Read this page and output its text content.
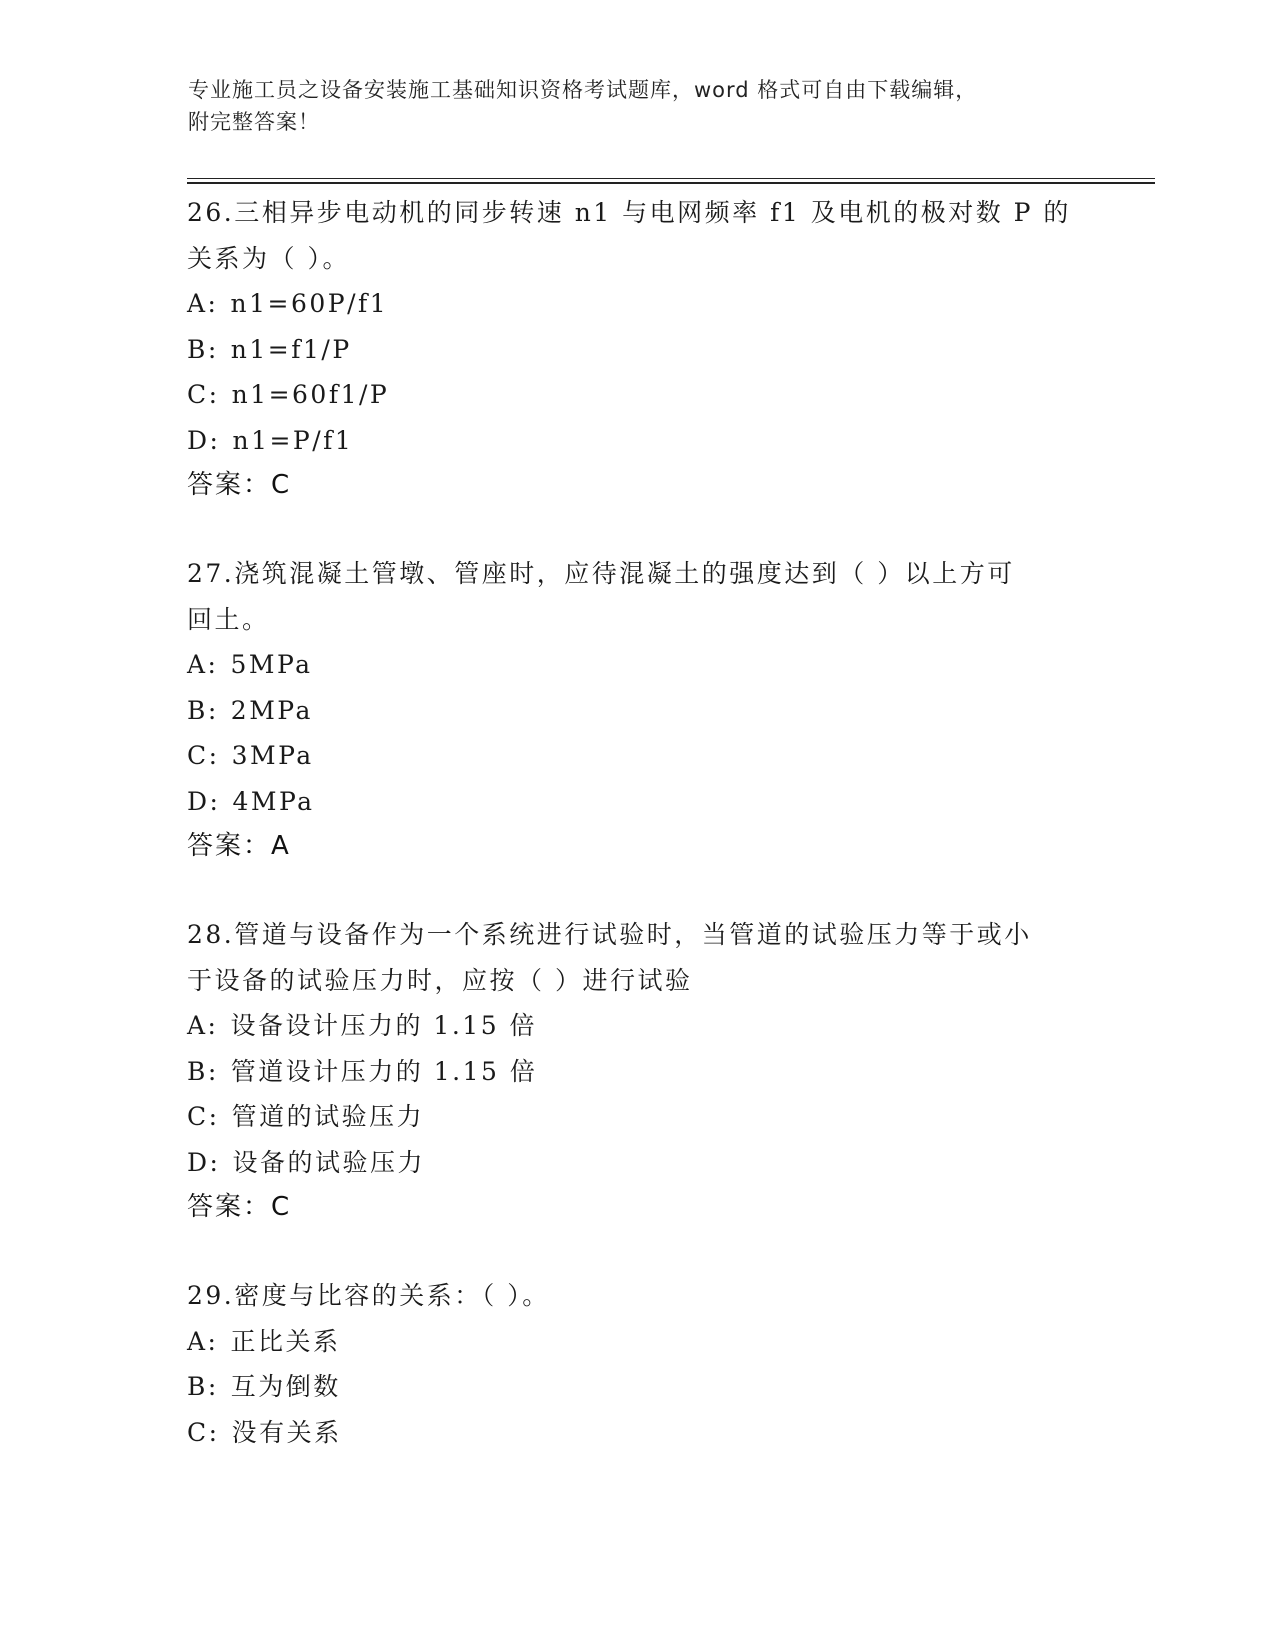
专业施工员之设备安装施工基础知识资格考试题库，word 格式可自由下载编辑，
附完整答案！
26.三相异步电动机的同步转速 n1 与电网频率 f1 及电机的极对数 P 的
关系为（ ）。
A: n1=60P/f1
B: n1=f1/P
C: n1=60f1/P
D: n1=P/f1
答案：C
27.浇筑混凝土管墩、管座时，应待混凝土的强度达到（ ）以上方可
回土。
A: 5MPa
B: 2MPa
C: 3MPa
D: 4MPa
答案：A
28.管道与设备作为一个系统进行试验时，当管道的试验压力等于或小
于设备的试验压力时，应按（ ）进行试验
A: 设备设计压力的 1.15 倍
B: 管道设计压力的 1.15 倍
C: 管道的试验压力
D: 设备的试验压力
答案：C
29.密度与比容的关系：（ ）。
A: 正比关系
B: 互为倒数
C: 没有关系
